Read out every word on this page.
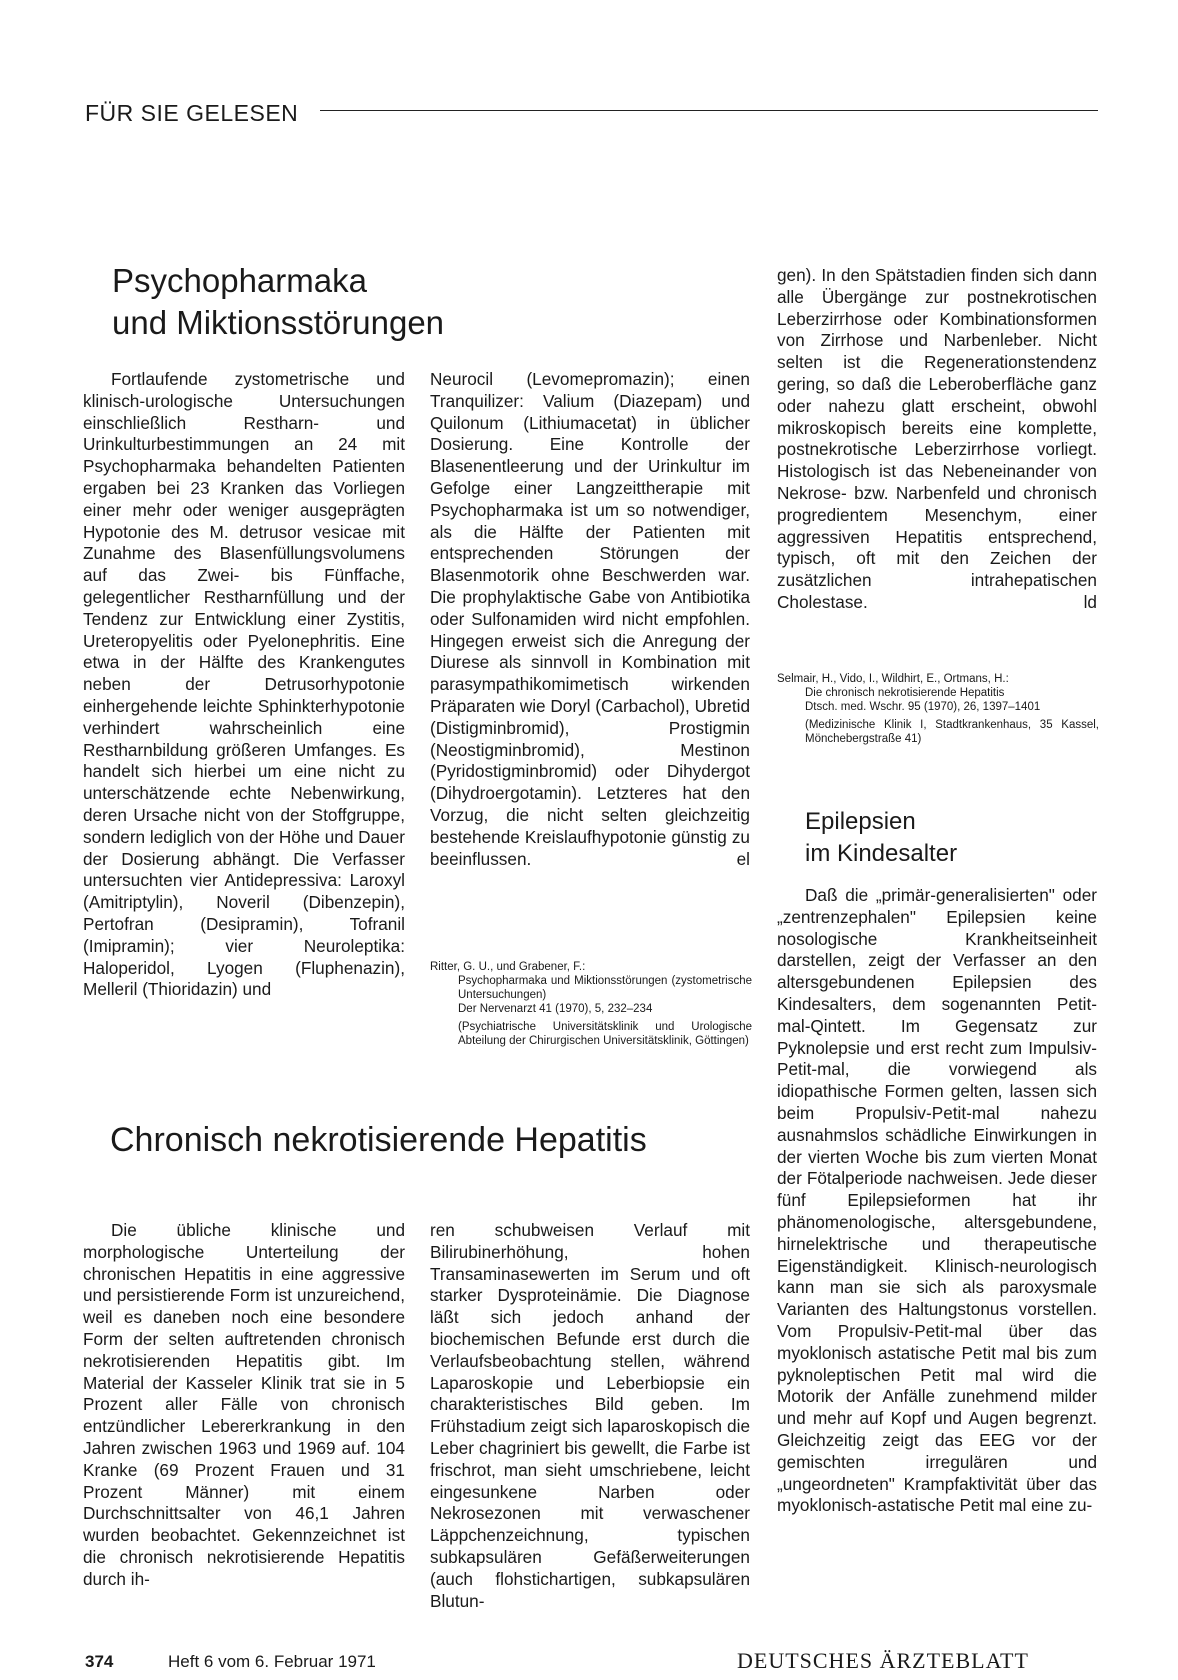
FÜR SIE GELESEN
Psychopharmaka
und Miktionsstörungen

Fortlaufende zystometrische und klinisch-urologische Untersuchungen einschließlich Restharn- und Urinkulturbestimmungen an 24 mit Psychopharmaka behandelten Patienten ergaben bei 23 Kranken das Vorliegen einer mehr oder weniger ausgeprägten Hypotonie des M. detrusor vesicae mit Zunahme des Blasenfüllungsvolumens auf das Zwei- bis Fünffache, gelegentlicher Restharnfüllung und der Tendenz zur Entwicklung einer Zystitis, Ureteropyelitis oder Pyelonephritis. Eine etwa in der Hälfte des Krankengutes neben der Detrusorhypotonie einhergehende leichte Sphinkterhypotonie verhindert wahrscheinlich eine Restharnbildung größeren Umfanges. Es handelt sich hierbei um eine nicht zu unterschätzende echte Nebenwirkung, deren Ursache nicht von der Stoffgruppe, sondern lediglich von der Höhe und Dauer der Dosierung abhängt. Die Verfasser untersuchten vier Antidepressiva: Laroxyl (Amitriptylin), Noveril (Dibenzepin), Pertofran (Desipramin), Tofranil (Imipramin); vier Neuroleptika: Haloperidol, Lyogen (Fluphenazin), Melleril (Thioridazin) und

Neurocil (Levomepromazin); einen Tranquilizer: Valium (Diazepam) und Quilonum (Lithiumacetat) in üblicher Dosierung. Eine Kontrolle der Blasenentleerung und der Urinkultur im Gefolge einer Langzeittherapie mit Psychopharmaka ist um so notwendiger, als die Hälfte der Patienten mit entsprechenden Störungen der Blasenmotorik ohne Beschwerden war. Die prophylaktische Gabe von Antibiotika oder Sulfonamiden wird nicht empfohlen. Hingegen erweist sich die Anregung der Diurese als sinnvoll in Kombination mit parasympathikomimetisch wirkenden Präparaten wie Doryl (Carbachol), Ubretid (Distigminbromid), Prostigmin (Neostigminbromid), Mestinon (Pyridostigminbromid) oder Dihydergot (Dihydroergotamin). Letzteres hat den Vorzug, die nicht selten gleichzeitig bestehende Kreislaufhypotonie günstig zu beeinflussen.	el

Ritter, G. U., und Grabener, F.:

Psychopharmaka und Miktionsstörungen (zystometrische Untersuchungen)

Der Nervenarzt 41 (1970), 5, 232–234

(Psychiatrische Universitätsklinik und Urologische Abteilung der Chirurgischen Universitätsklinik, Göttingen)

Chronisch nekrotisierende Hepatitis

Die übliche klinische und morphologische Unterteilung der chronischen Hepatitis in eine aggressive und persistierende Form ist unzureichend, weil es daneben noch eine besondere Form der selten auftretenden chronisch nekrotisierenden Hepatitis gibt. Im Material der Kasseler Klinik trat sie in 5 Prozent aller Fälle von chronisch entzündlicher Lebererkrankung in den Jahren zwischen 1963 und 1969 auf. 104 Kranke (69 Prozent Frauen und 31 Prozent Männer) mit einem Durchschnittsalter von 46,1 Jahren wurden beobachtet. Gekennzeichnet ist die chronisch nekrotisierende Hepatitis durch ih-

ren schubweisen Verlauf mit Bilirubinerhöhung, hohen Transaminasewerten im Serum und oft starker Dysproteinämie. Die Diagnose läßt sich jedoch anhand der biochemischen Befunde erst durch die Verlaufsbeobachtung stellen, während Laparoskopie und Leberbiopsie ein charakteristisches Bild geben. Im Frühstadium zeigt sich laparoskopisch die Leber chagriniert bis gewellt, die Farbe ist frischrot, man sieht umschriebene, leicht eingesunkene Narben oder Nekrosezonen mit verwaschener Läppchenzeichnung, typischen subkapsulären Gefäßerweiterungen (auch flohstichartigen, subkapsulären Blutun-

gen). In den Spätstadien finden sich dann alle Übergänge zur postnekrotischen Leberzirrhose oder Kombinationsformen von Zirrhose und Narbenleber. Nicht selten ist die Regenerationstendenz gering, so daß die Leberoberfläche ganz oder nahezu glatt erscheint, obwohl mikroskopisch bereits eine komplette, postnekrotische Leberzirrhose vorliegt. Histologisch ist das Nebeneinander von Nekrose- bzw. Narbenfeld und chronisch progredientem Mesenchym, einer aggressiven Hepatitis entsprechend, typisch, oft mit den Zeichen der zusätzlichen intrahepatischen Cholestase.	ld

Selmair, H., Vido, I., Wildhirt, E., Ortmans, H.:

Die chronisch nekrotisierende Hepatitis

Dtsch. med. Wschr. 95 (1970), 26, 1397–1401

(Medizinische Klinik I, Stadtkrankenhaus, 35 Kassel, Mönchebergstraße 41)

Epilepsien
im Kindesalter

Daß die „primär-generalisierten" oder „zentrenzephalen" Epilepsien keine nosologische Krankheitseinheit darstellen, zeigt der Verfasser an den altersgebundenen Epilepsien des Kindesalters, dem sogenannten Petit-mal-Qintett. Im Gegensatz zur Pyknolepsie und erst recht zum Impulsiv-Petit-mal, die vorwiegend als idiopathische Formen gelten, lassen sich beim Propulsiv-Petit-mal nahezu ausnahmslos schädliche Einwirkungen in der vierten Woche bis zum vierten Monat der Fötalperiode nachweisen. Jede dieser fünf Epilepsieformen hat ihr phänomenologische, altersgebundene, hirnelektrische und therapeutische Eigenständigkeit. Klinisch-neurologisch kann man sie sich als paroxysmale Varianten des Haltungstonus vorstellen. Vom Propulsiv-Petit-mal über das myoklonisch astatische Petit mal bis zum pyknoleptischen Petit mal wird die Motorik der Anfälle zunehmend milder und mehr auf Kopf und Augen begrenzt. Gleichzeitig zeigt das EEG vor der gemischten irregulären und „ungeordneten" Krampfaktivität über das myoklonisch-astatische Petit mal eine zu-

374	Heft 6 vom 6. Februar 1971	DEUTSCHES ÄRZTEBLATT
